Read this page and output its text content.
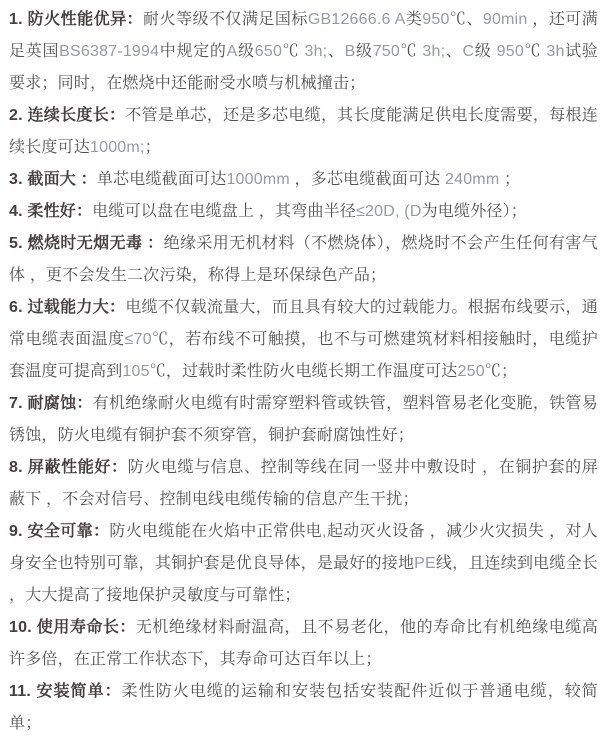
1. 防火性能优异：耐火等级不仅满足国标GB12666.6 A类950℃、90min ，还可满足英国BS6387-1994中规定的A级650℃ 3h;、B级750℃ 3h;、C级 950℃ 3h试验要求；同时，在燃烧中还能耐受水喷与机械撞击；

2. 连续长度长：不管是单芯，还是多芯电缆，其长度能满足供电长度需要，每根连续长度可达1000m;；

3. 截面大 ：单芯电缆截面可达1000mm ，多芯电缆截面可达 240mm ；

4. 柔性好：电缆可以盘在电缆盘上 ，其弯曲半径≤20D, (D为电缆外径）；

5. 燃烧时无烟无毒 ：绝缘采用无机材料（不燃烧体），燃烧时不会产生任何有害气体 ，更不会发生二次污染，称得上是环保绿色产品；

6. 过载能力大：电缆不仅载流量大，而且具有较大的过载能力。根据布线要示，通常电缆表面温度≤70℃，若布线不可触摸，也不与可燃建筑材料相接触时，电缆护套温度可提高到105℃，过载时柔性防火电缆长期工作温度可达250℃；

7. 耐腐蚀：有机绝缘耐火电缆有时需穿塑料管或铁管，塑料管易老化变脆，铁管易锈蚀，防火电缆有铜护套不须穿管，铜护套耐腐蚀性好；

8. 屏蔽性能好：防火电缆与信息、控制等线在同一竖井中敷设时 ，在铜护套的屏蔽下 ，不会对信号、控制电线电缆传输的信息产生干扰；

9. 安全可靠：防火电缆能在火焰中正常供电,起动灭火设备 ，减少火灾损失 ，对人身安全也特别可靠，其铜护套是优良导体，是最好的接地PE线，且连续到电缆全长 ，大大提高了接地保护灵敏度与可靠性；

10. 使用寿命长：无机绝缘材料耐温高，且不易老化，他的寿命比有机绝缘电缆高许多倍，在正常工作状态下，其寿命可达百年以上；

11. 安装简单：柔性防火电缆的运输和安装包括安装配件近似于普通电缆，较简单；
